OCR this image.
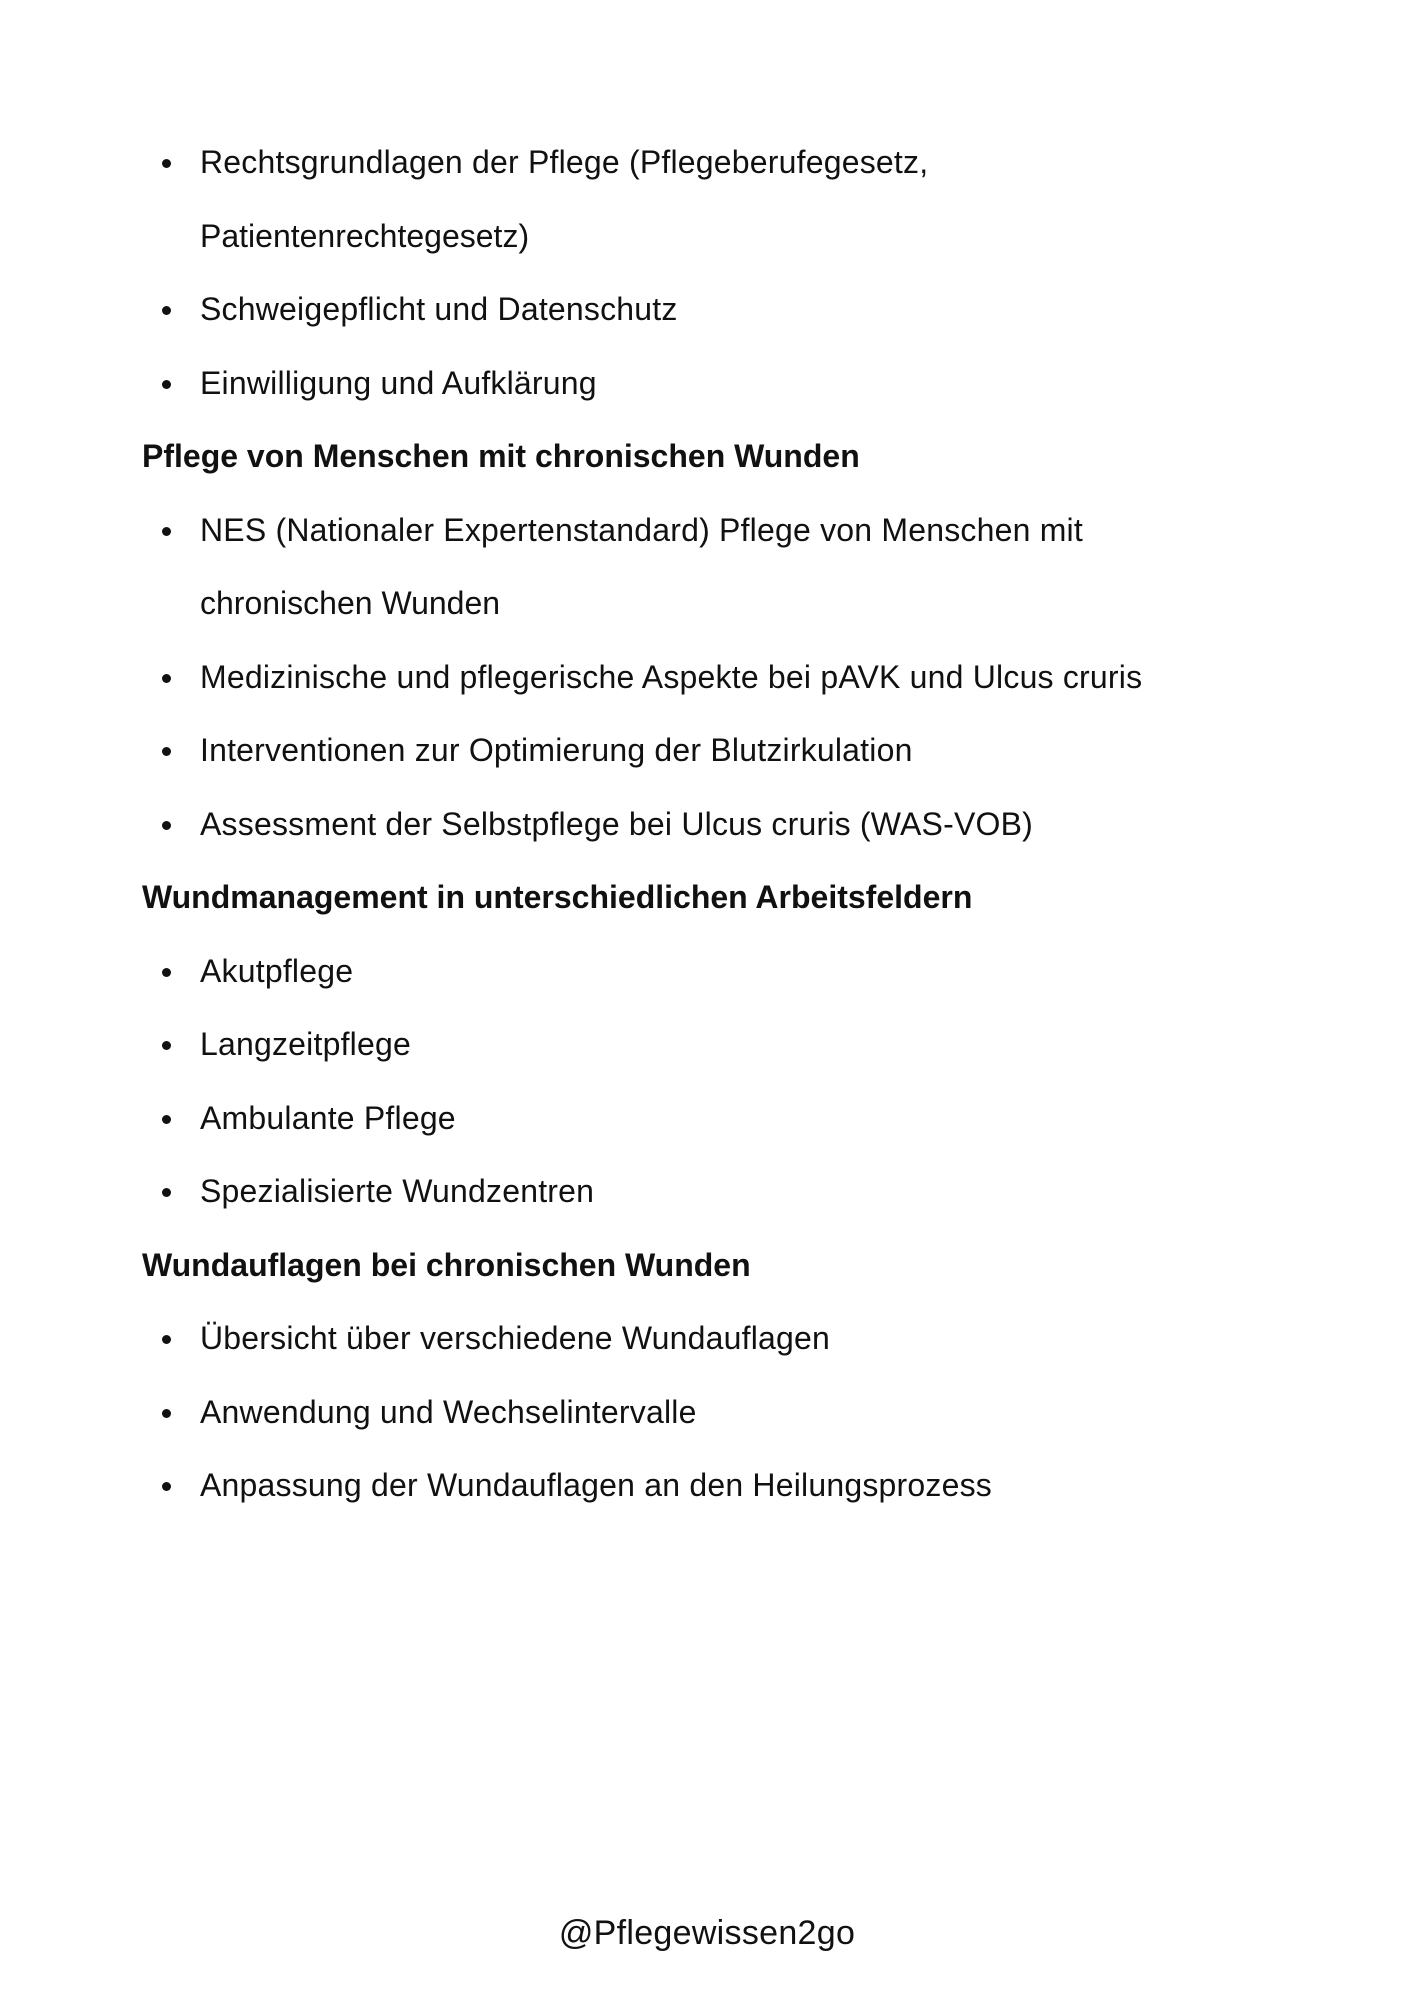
Rechtsgrundlagen der Pflege (Pflegeberufegesetz,
Patientenrechtegesetz)
Schweigepflicht und Datenschutz
Einwilligung und Aufklärung
Pflege von Menschen mit chronischen Wunden
NES (Nationaler Expertenstandard) Pflege von Menschen mit
chronischen Wunden
Medizinische und pflegerische Aspekte bei pAVK und Ulcus cruris
Interventionen zur Optimierung der Blutzirkulation
Assessment der Selbstpflege bei Ulcus cruris (WAS-VOB)
Wundmanagement in unterschiedlichen Arbeitsfeldern
Akutpflege
Langzeitpflege
Ambulante Pflege
Spezialisierte Wundzentren
Wundauflagen bei chronischen Wunden
Übersicht über verschiedene Wundauflagen
Anwendung und Wechselintervalle
Anpassung der Wundauflagen an den Heilungsprozess
@Pflegewissen2go
